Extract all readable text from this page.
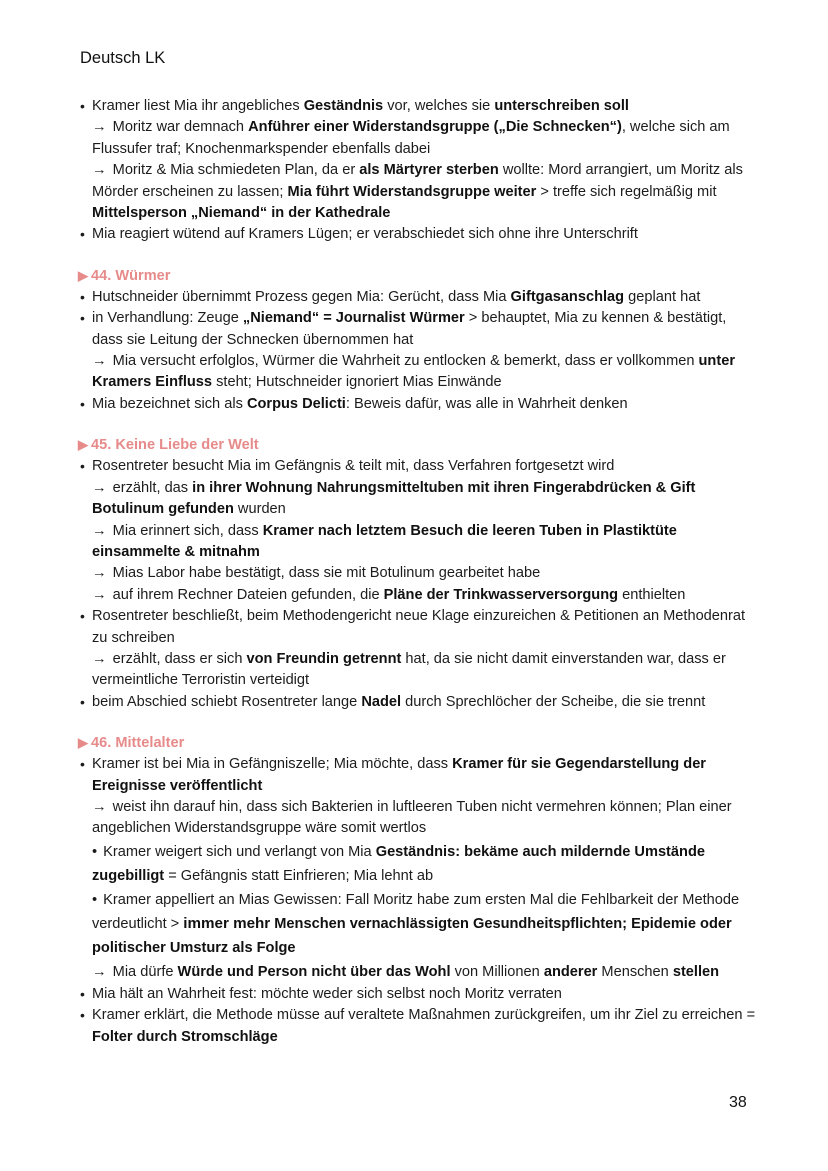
Deutsch LK
• Kramer liest Mia ihr angebliches Geständnis vor, welches sie unterschreiben soll
→ Moritz war demnach Anführer einer Widerstandsgruppe („Die Schnecken“), welche sich am Flussufer traf; Knochenmarkspender ebenfalls dabei
→ Moritz & Mia schmiedeten Plan, da er als Märtyrer sterben wollte: Mord arrangiert, um Moritz als Mörder erscheinen zu lassen; Mia führt Widerstandsgruppe weiter > treffe sich regelmäßig mit Mittelsperson „Niemand“ in der Kathedrale
• Mia reagiert wütend auf Kramers Lügen; er verabschiedet sich ohne ihre Unterschrift
▶ 44. Würmer
• Hutschneider übernimmt Prozess gegen Mia: Gerücht, dass Mia Giftgasanschlag geplant hat
• in Verhandlung: Zeuge „Niemand“ = Journalist Würmer > behauptet, Mia zu kennen & bestätigt, dass sie Leitung der Schnecken übernommen hat
→ Mia versucht erfolglos, Würmer die Wahrheit zu entlocken & bemerkt, dass er vollkommen unter Kramers Einfluss steht; Hutschneider ignoriert Mias Einwände
• Mia bezeichnet sich als Corpus Delicti: Beweis dafür, was alle in Wahrheit denken
▶ 45. Keine Liebe der Welt
• Rosentreter besucht Mia im Gefängnis & teilt mit, dass Verfahren fortgesetzt wird
→ erzählt, das in ihrer Wohnung Nahrungsmitteltuben mit ihren Fingerabdrücken & Gift Botulinum gefunden wurden
→ Mia erinnert sich, dass Kramer nach letztem Besuch die leeren Tuben in Plastiktüte einsammelte & mitnahm
→ Mias Labor habe bestätigt, dass sie mit Botulinum gearbeitet habe
→ auf ihrem Rechner Dateien gefunden, die Pläne der Trinkwasserversorgung enthielten
• Rosentreter beschließt, beim Methodengericht neue Klage einzureichen & Petitionen an Methodenrat zu schreiben
→ erzählt, dass er sich von Freundin getrennt hat, da sie nicht damit einverstanden war, dass er vermeintliche Terroristin verteidigt
• beim Abschied schiebt Rosentreter lange Nadel durch Sprechlöcher der Scheibe, die sie trennt
▶ 46. Mittelalter
• Kramer ist bei Mia in Gefängniszelle; Mia möchte, dass Kramer für sie Gegendarstellung der Ereignisse veröffentlicht
→ weist ihn darauf hin, dass sich Bakterien in luftleeren Tuben nicht vermehren können; Plan einer angeblichen Widerstandsgruppe wäre somit wertlos
• Kramer weigert sich und verlangt von Mia Geständnis: bekäme auch mildernde Umstände zugebilligt = Gefängnis statt Einfrieren; Mia lehnt ab
• Kramer appelliert an Mias Gewissen: Fall Moritz habe zum ersten Mal die Fehlbarkeit der Methode verdeutlicht > immer mehr Menschen vernachlässigten Gesundheitspflichten; Epidemie oder politischer Umsturz als Folge
→ Mia dürfe Würde und Person nicht über das Wohl von Millionen anderer Menschen stellen
• Mia hält an Wahrheit fest: möchte weder sich selbst noch Moritz verraten
• Kramer erklärt, die Methode müsse auf veraltete Maßnahmen zurückgreifen, um ihr Ziel zu erreichen = Folter durch Stromschläge
38
